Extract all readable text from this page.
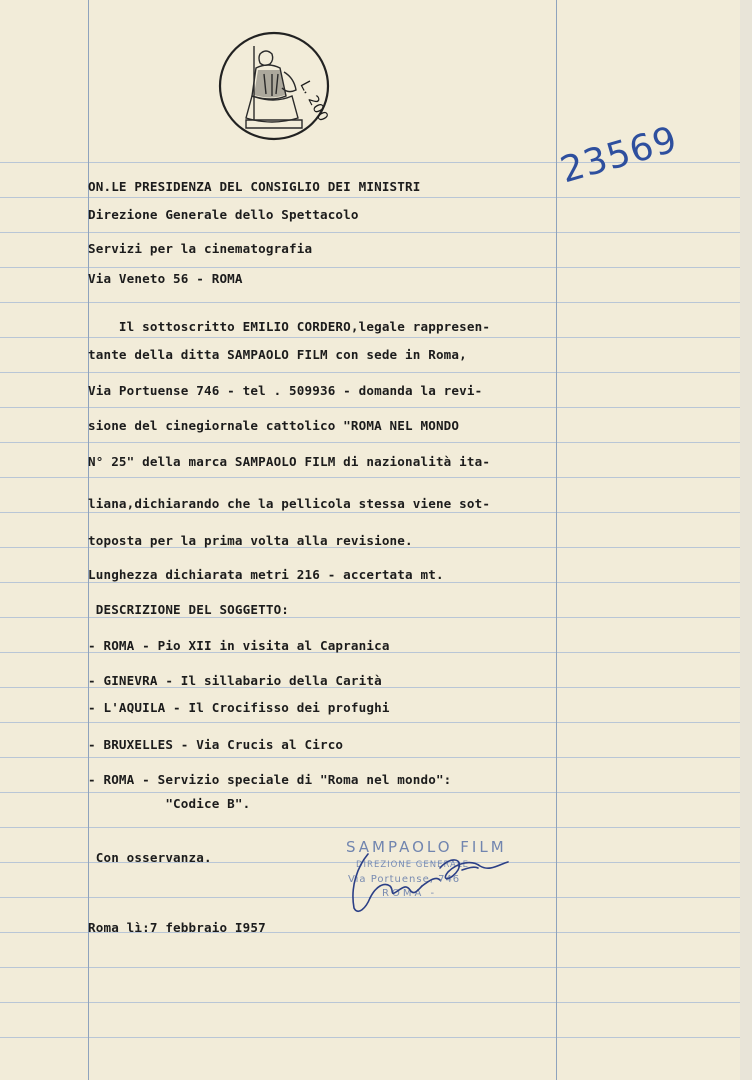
L. 200
23569
ON.LE PRESIDENZA DEL CONSIGLIO DEI MINISTRI
Direzione Generale dello Spettacolo
Servizi per la cinematografia
Via Veneto 56 - ROMA
Il sottoscritto EMILIO CORDERO,legale rappresen-
tante della ditta SAMPAOLO FILM con sede in Roma,
Via Portuense 746 - tel . 509936 - domanda la revi-
sione del cinegiornale cattolico "ROMA NEL MONDO
N° 25" della marca SAMPAOLO FILM di nazionalità ita-
liana,dichiarando che la pellicola stessa viene sot-
toposta per la prima volta alla revisione.
Lunghezza dichiarata metri 216 - accertata mt.
DESCRIZIONE DEL SOGGETTO:
- ROMA - Pio XII in visita al Capranica
- GINEVRA - Il sillabario della Carità
- L'AQUILA - Il Crocifisso dei profughi
- BRUXELLES - Via Crucis al Circo
- ROMA - Servizio speciale di "Roma nel mondo":
"Codice B".
Con osservanza.
SAMPAOLO FILM
DIREZIONE GENERALE
Via Portuense, 746
ROMA -
Roma lì:7 febbraio I957
